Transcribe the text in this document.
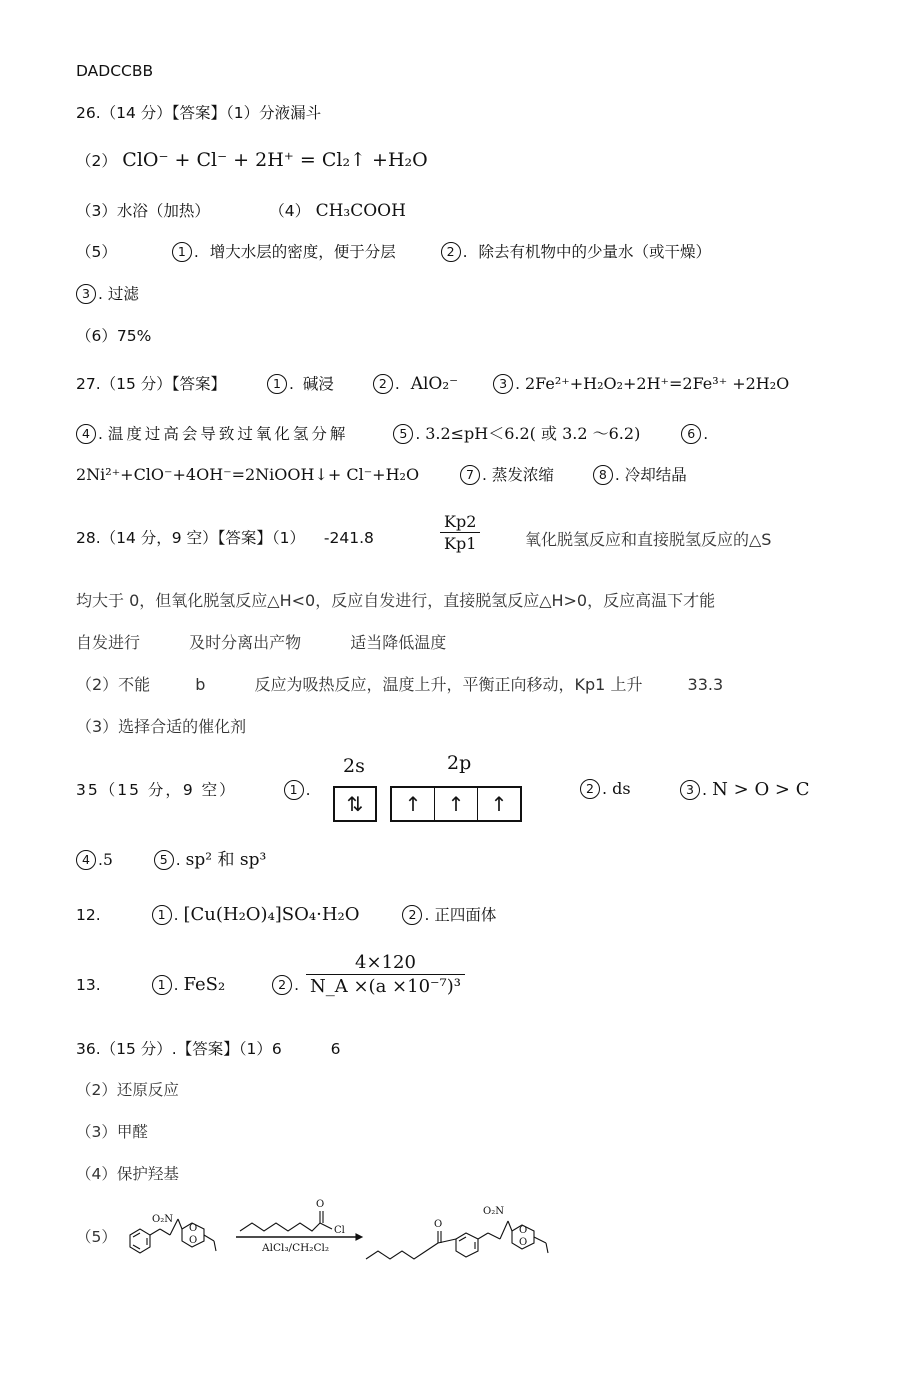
DADCCBB
26.（14 分）【答案】（1）分液漏斗
（2） ClO⁻ + Cl⁻ + 2H⁺ = Cl₂↑ +H₂O
（3）水浴（加热）	（4） CH₃COOH
（5）	1 . 增大水层的密度，便于分层	2 . 除去有机物中的少量水（或干燥）
3 . 过滤
（6）75%
27.（15 分）【答案】	1 . 碱浸	2 . AlO₂⁻	3 . 2Fe²⁺+H₂O₂+2H⁺=2Fe³⁺ +2H₂O
4 . 温度过高会导致过氧化氢分解	5 . 3.2≤pH＜6.2( 或 3.2 ～6.2)	6 .
2Ni²⁺+ClO⁻+4OH⁻=2NiOOH↓+ Cl⁻+H₂O	7 . 蒸发浓缩	8 . 冷却结晶
28.（14 分，9 空）【答案】（1） -241.8	$\frac{Kp2}{Kp1}$	氧化脱氢反应和直接脱氢反应的△S
均大于 0，但氧化脱氢反应△H<0，反应自发进行，直接脱氢反应△H>0，反应高温下才能
自发进行	及时分离出产物	适当降低温度
（2）不能	b	反应为吸热反应，温度上升，平衡正向移动，Kp1 上升	33.3
（3）选择合适的催化剂
35（15 分，9 空）	1 .
2s	2p
⇅	↑ ↑ ↑
2 . ds	3 . N > O > C
4 .5	5 . sp² 和 sp³
12.	1 . [Cu(H₂O)₄]SO₄·H₂O	2 . 正四面体
13.	1 . FeS₂	2 . $\frac{4\times 120}{\text{N\_A ×(a ×10⁻⁷)³}}$
36.（15 分）.【答案】（1）6	6
（2）还原反应
（3）甲醛
（4）保护羟基
（5）
O₂N
O
O
O
Cl
AlCl₃/CH₂Cl₂
O
O₂N
O
O
